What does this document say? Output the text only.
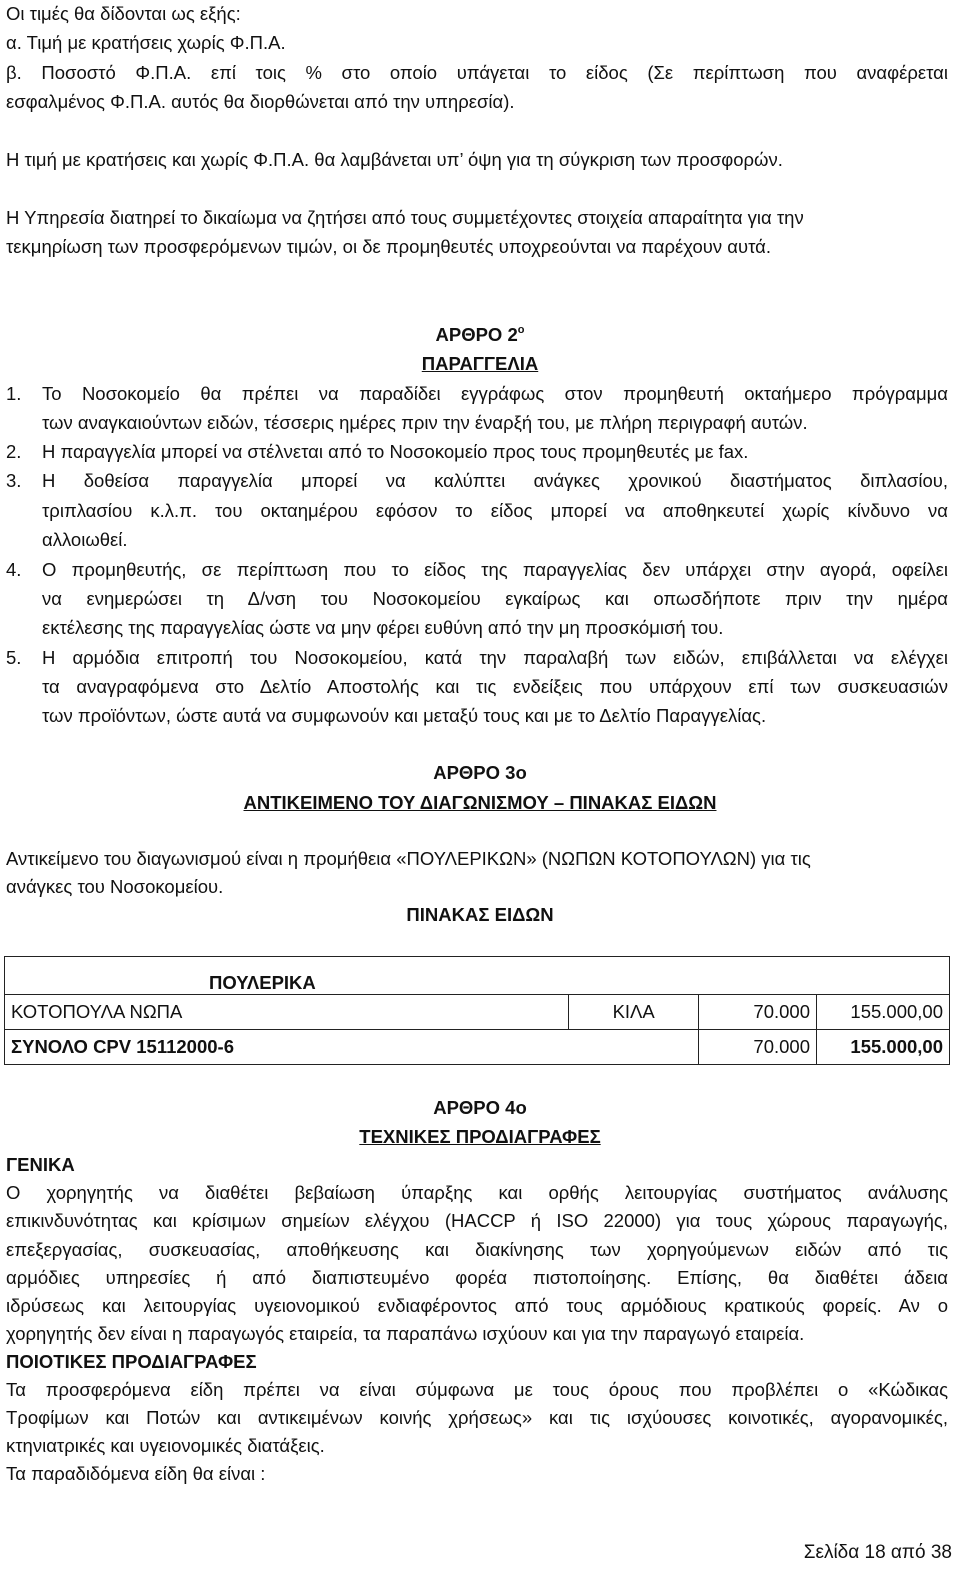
Οι τιμές θα δίδονται ως εξής:
α. Τιμή με κρατήσεις χωρίς Φ.Π.Α.
β. Ποσοστό Φ.Π.Α. επί τοις % στο οποίο υπάγεται το είδος (Σε περίπτωση που αναφέρεται
εσφαλμένος Φ.Π.Α. αυτός θα διορθώνεται από την υπηρεσία).
Η τιμή με κρατήσεις και χωρίς Φ.Π.Α. θα λαμβάνεται υπ’ όψη για τη σύγκριση των προσφορών.
Η Υπηρεσία διατηρεί το δικαίωμα να ζητήσει από τους συμμετέχοντες στοιχεία απαραίτητα για την
τεκμηρίωση των προσφερόμενων τιμών, οι δε προμηθευτές υποχρεούνται να παρέχουν αυτά.
ΑΡΘΡΟ $2^o$
ΠΑΡΑΓΓΕΛΙΑ
1. Το Νοσοκομείο θα πρέπει να παραδίδει εγγράφως στον προμηθευτή οκταήμερο πρόγραμμα
των αναγκαιούντων ειδών, τέσσερις ημέρες πριν την έναρξή του, με πλήρη περιγραφή αυτών.
2. Η παραγγελία μπορεί να στέλνεται από το Νοσοκομείο προς τους προμηθευτές με fax.
3. Η δοθείσα παραγγελία μπορεί να καλύπτει ανάγκες χρονικού διαστήματος διπλασίου,
τριπλασίου κ.λ.π. του οκταημέρου εφόσον το είδος μπορεί να αποθηκευτεί χωρίς κίνδυνο να
αλλοιωθεί.
4. Ο προμηθευτής, σε περίπτωση που το είδος της παραγγελίας δεν υπάρχει στην αγορά, οφείλει
να ενημερώσει τη Δ/νση του Νοσοκομείου εγκαίρως και οπωσδήποτε πριν την ημέρα
εκτέλεσης της παραγγελίας ώστε να μην φέρει ευθύνη από την μη προσκόμισή του.
5. Η αρμόδια επιτροπή του Νοσοκομείου, κατά την παραλαβή των ειδών, επιβάλλεται να ελέγχει
τα αναγραφόμενα στο Δελτίο Αποστολής και τις ενδείξεις που υπάρχουν επί των συσκευασιών
των προϊόντων, ώστε αυτά να συμφωνούν και μεταξύ τους και με το Δελτίο Παραγγελίας.
ΑΡΘΡΟ 3ο
ΑΝΤΙΚΕΙΜΕΝΟ ΤΟΥ ΔΙΑΓΩΝΙΣΜΟΥ – ΠΙΝΑΚΑΣ ΕΙΔΩΝ
Αντικείμενο του διαγωνισμού είναι η προμήθεια «ΠΟΥΛΕΡΙΚΩΝ» (ΝΩΠΩΝ ΚΟΤΟΠΟΥΛΩΝ) για τις
ανάγκες του Νοσοκομείου.
ΠΙΝΑΚΑΣ ΕΙΔΩΝ
ΠΟΥΛΕΡΙΚΑ			
ΚΟΤΟΠΟΥΛΑ ΝΩΠΑ	ΚΙΛΑ	70.000	155.000,00
ΣΥΝΟΛΟ CPV 15112000-6		70.000	155.000,00
ΑΡΘΡΟ 4ο
ΤΕΧΝΙΚΕΣ ΠΡΟΔΙΑΓΡΑΦΕΣ
ΓΕΝΙΚΑ
Ο χορηγητής να διαθέτει βεβαίωση ύπαρξης και ορθής λειτουργίας συστήματος ανάλυσης
επικινδυνότητας και κρίσιμων σημείων ελέγχου (HACCP ή ISO 22000) για τους χώρους παραγωγής,
επεξεργασίας, συσκευασίας, αποθήκευσης και διακίνησης των χορηγούμενων ειδών από τις
αρμόδιες υπηρεσίες ή από διαπιστευμένο φορέα πιστοποίησης. Επίσης, θα διαθέτει άδεια
ιδρύσεως και λειτουργίας υγειονομικού ενδιαφέροντος από τους αρμόδιους κρατικούς φορείς. Αν ο
χορηγητής δεν είναι η παραγωγός εταιρεία, τα παραπάνω ισχύουν και για την παραγωγό εταιρεία.
ΠΟΙΟΤΙΚΕΣ ΠΡΟΔΙΑΓΡΑΦΕΣ
Τα προσφερόμενα είδη πρέπει να είναι σύμφωνα με τους όρους που προβλέπει ο «Κώδικας
Τροφίμων και Ποτών και αντικειμένων κοινής χρήσεως» και τις ισχύουσες κοινοτικές, αγορανομικές,
κτηνιατρικές και υγειονομικές διατάξεις.
Τα παραδιδόμενα είδη θα είναι :
Σελίδα 18 από 38
